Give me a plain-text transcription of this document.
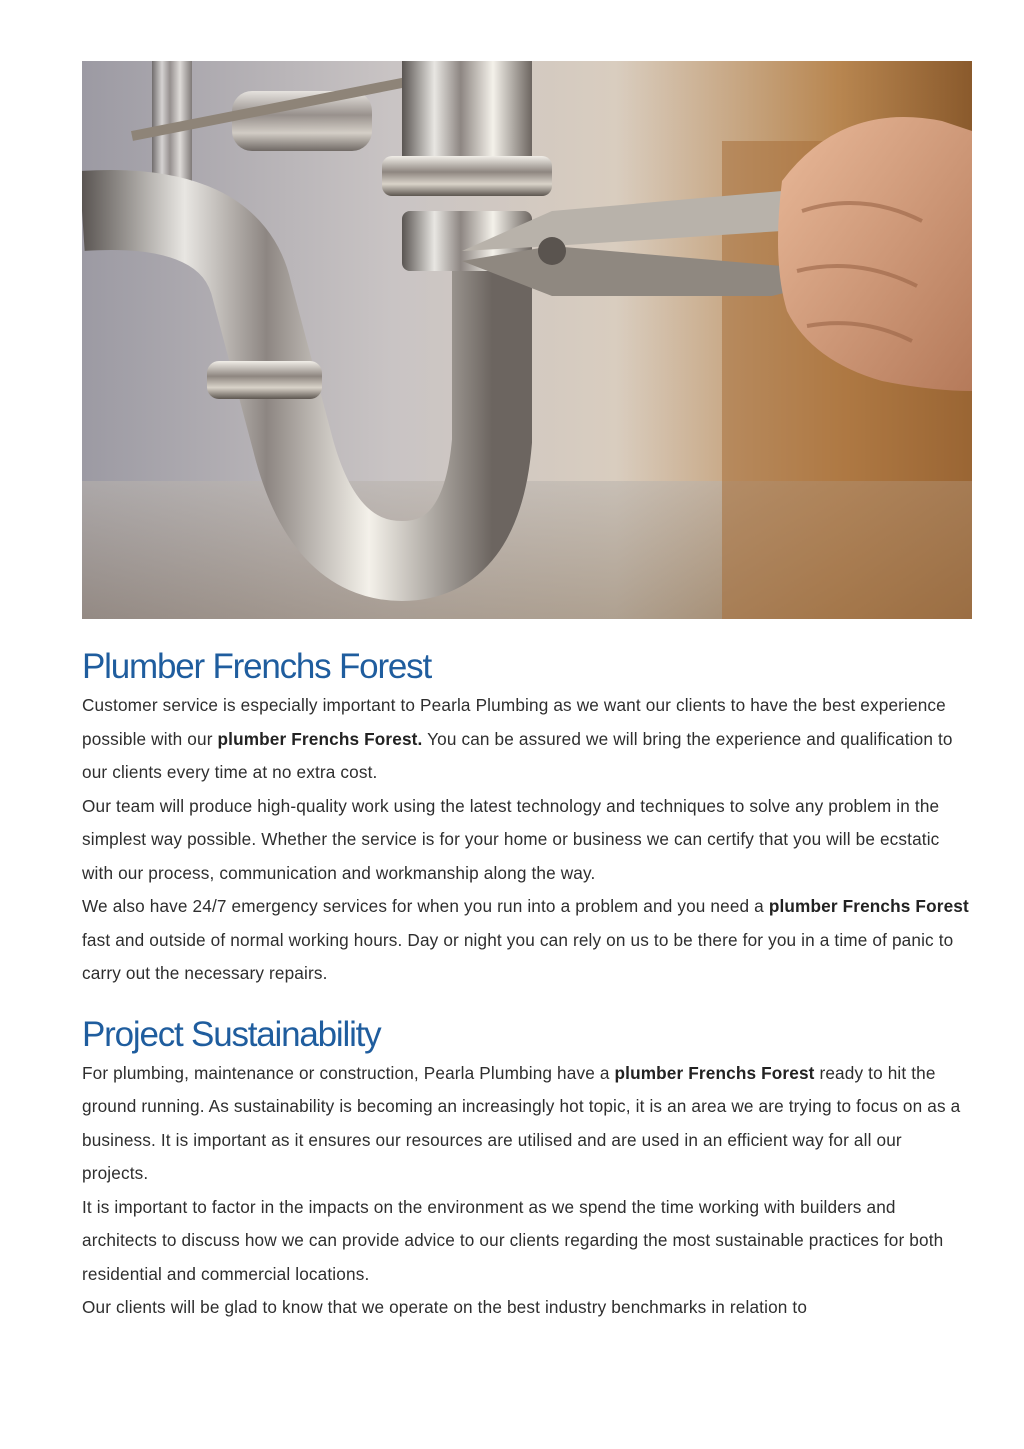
Plumber Frenchs Forest

Customer service is especially important to Pearla Plumbing as we want our clients to have the best experience possible with our plumber Frenchs Forest. You can be assured we will bring the experience and qualification to our clients every time at no extra cost.

Our team will produce high-quality work using the latest technology and techniques to solve any problem in the simplest way possible. Whether the service is for your home or business we can certify that you will be ecstatic with our process, communication and workmanship along the way.

We also have 24/7 emergency services for when you run into a problem and you need a plumber Frenchs Forest fast and outside of normal working hours. Day or night you can rely on us to be there for you in a time of panic to carry out the necessary repairs.

Project Sustainability

For plumbing, maintenance or construction, Pearla Plumbing have a plumber Frenchs Forest ready to hit the ground running. As sustainability is becoming an increasingly hot topic, it is an area we are trying to focus on as a business. It is important as it ensures our resources are utilised and are used in an efficient way for all our projects.

It is important to factor in the impacts on the environment as we spend the time working with builders and architects to discuss how we can provide advice to our clients regarding the most sustainable practices for both residential and commercial locations.

Our clients will be glad to know that we operate on the best industry benchmarks in relation to
